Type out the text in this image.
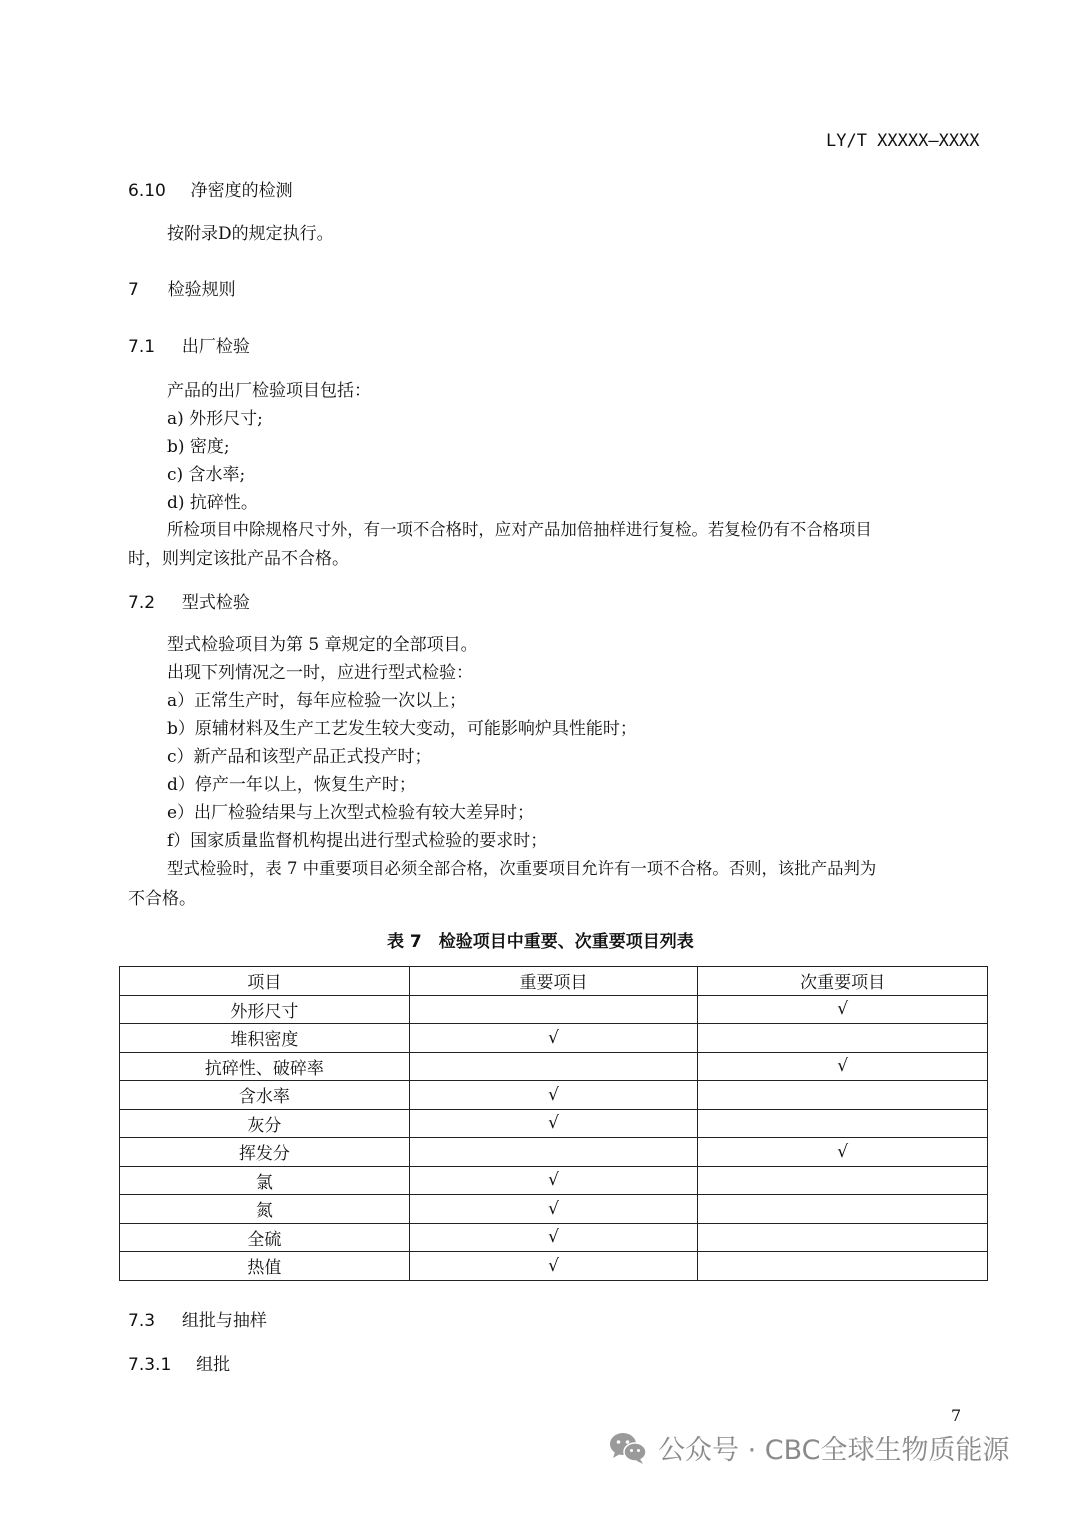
LY/T XXXXX—XXXX
6.10 净密度的检测
按附录D的规定执行。
7 检验规则
7.1 出厂检验
产品的出厂检验项目包括：
a) 外形尺寸;
b) 密度;
c) 含水率;
d) 抗碎性。
所检项目中除规格尺寸外，有一项不合格时，应对产品加倍抽样进行复检。若复检仍有不合格项目
时，则判定该批产品不合格。
7.2 型式检验
型式检验项目为第 5 章规定的全部项目。
出现下列情况之一时，应进行型式检验：
a）正常生产时，每年应检验一次以上；
b）原辅材料及生产工艺发生较大变动，可能影响炉具性能时；
c）新产品和该型产品正式投产时；
d）停产一年以上，恢复生产时；
e）出厂检验结果与上次型式检验有较大差异时；
f）国家质量监督机构提出进行型式检验的要求时；
型式检验时，表 7 中重要项目必须全部合格，次重要项目允许有一项不合格。否则，该批产品判为
不合格。
表 7　检验项目中重要、次重要项目列表
项目	重要项目	次重要项目
外形尺寸		√
堆积密度	√	
抗碎性、破碎率		√
含水率	√	
灰分	√	
挥发分		√
氯	√	
氮	√	
全硫	√	
热值	√	
7.3 组批与抽样
7.3.1 组批
7
公众号 · CBC全球生物质能源
